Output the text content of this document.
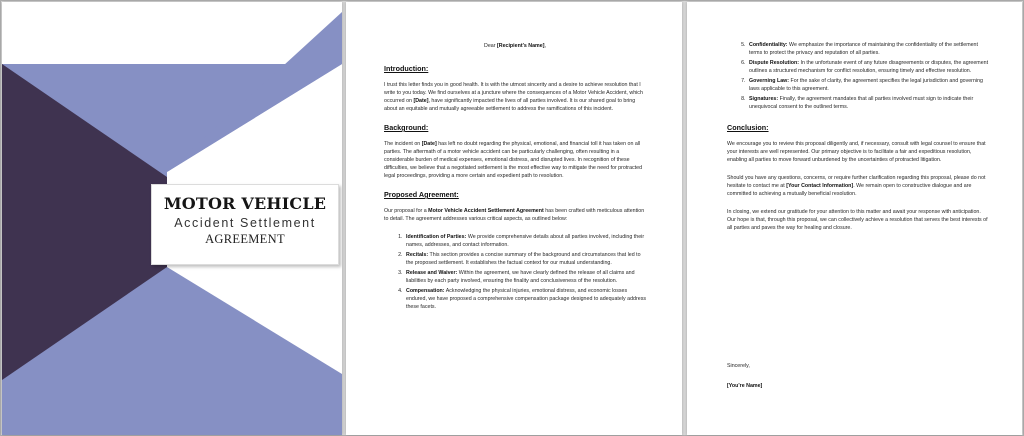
MOTOR VEHICLE
Accident Settlement
AGREEMENT

Dear [Recipient's Name],

Introduction:

I trust this letter finds you in good health. It is with the utmost sincerity and a desire to achieve resolution that I write to you today. We find ourselves at a juncture where the consequences of a Motor Vehicle Accident, which occurred on [Date], have significantly impacted the lives of all parties involved. It is our shared goal to bring about an equitable and mutually agreeable settlement to address the ramifications of this incident.

Background:

The incident on [Date] has left no doubt regarding the physical, emotional, and financial toll it has taken on all parties. The aftermath of a motor vehicle accident can be particularly challenging, often resulting in a considerable burden of medical expenses, emotional distress, and disrupted lives. In recognition of these difficulties, we believe that a negotiated settlement is the most effective way to mitigate the need for protracted legal proceedings, providing a more certain and expedient path to resolution.

Proposed Agreement:

Our proposal for a Motor Vehicle Accident Settlement Agreement has been crafted with meticulous attention to detail. The agreement addresses various critical aspects, as outlined below:

1. Identification of Parties: We provide comprehensive details about all parties involved, including their names, addresses, and contact information.
2. Recitals: This section provides a concise summary of the background and circumstances that led to the proposed settlement. It establishes the factual context for our mutual understanding.
3. Release and Waiver: Within the agreement, we have clearly defined the release of all claims and liabilities by each party involved, ensuring the finality and conclusiveness of the resolution.
4. Compensation: Acknowledging the physical injuries, emotional distress, and economic losses endured, we have proposed a comprehensive compensation package designed to adequately address these facets.
5. Confidentiality: We emphasize the importance of maintaining the confidentiality of the settlement terms to protect the privacy and reputation of all parties.
6. Dispute Resolution: In the unfortunate event of any future disagreements or disputes, the agreement outlines a structured mechanism for conflict resolution, ensuring timely and effective resolution.
7. Governing Law: For the sake of clarity, the agreement specifies the legal jurisdiction and governing laws applicable to this agreement.
8. Signatures: Finally, the agreement mandates that all parties involved must sign to indicate their unequivocal consent to the outlined terms.
Conclusion:

We encourage you to review this proposal diligently and, if necessary, consult with legal counsel to ensure that your interests are well represented. Our primary objective is to facilitate a fair and expeditious resolution, enabling all parties to move forward unburdened by the uncertainties of protracted litigation.

Should you have any questions, concerns, or require further clarification regarding this proposal, please do not hesitate to contact me at [Your Contact Information]. We remain open to constructive dialogue and are committed to achieving a mutually beneficial resolution.

In closing, we extend our gratitude for your attention to this matter and await your response with anticipation. Our hope is that, through this proposal, we can collectively achieve a resolution that serves the best interests of all parties and paves the way for healing and closure.

Sincerely,

[You're Name]
